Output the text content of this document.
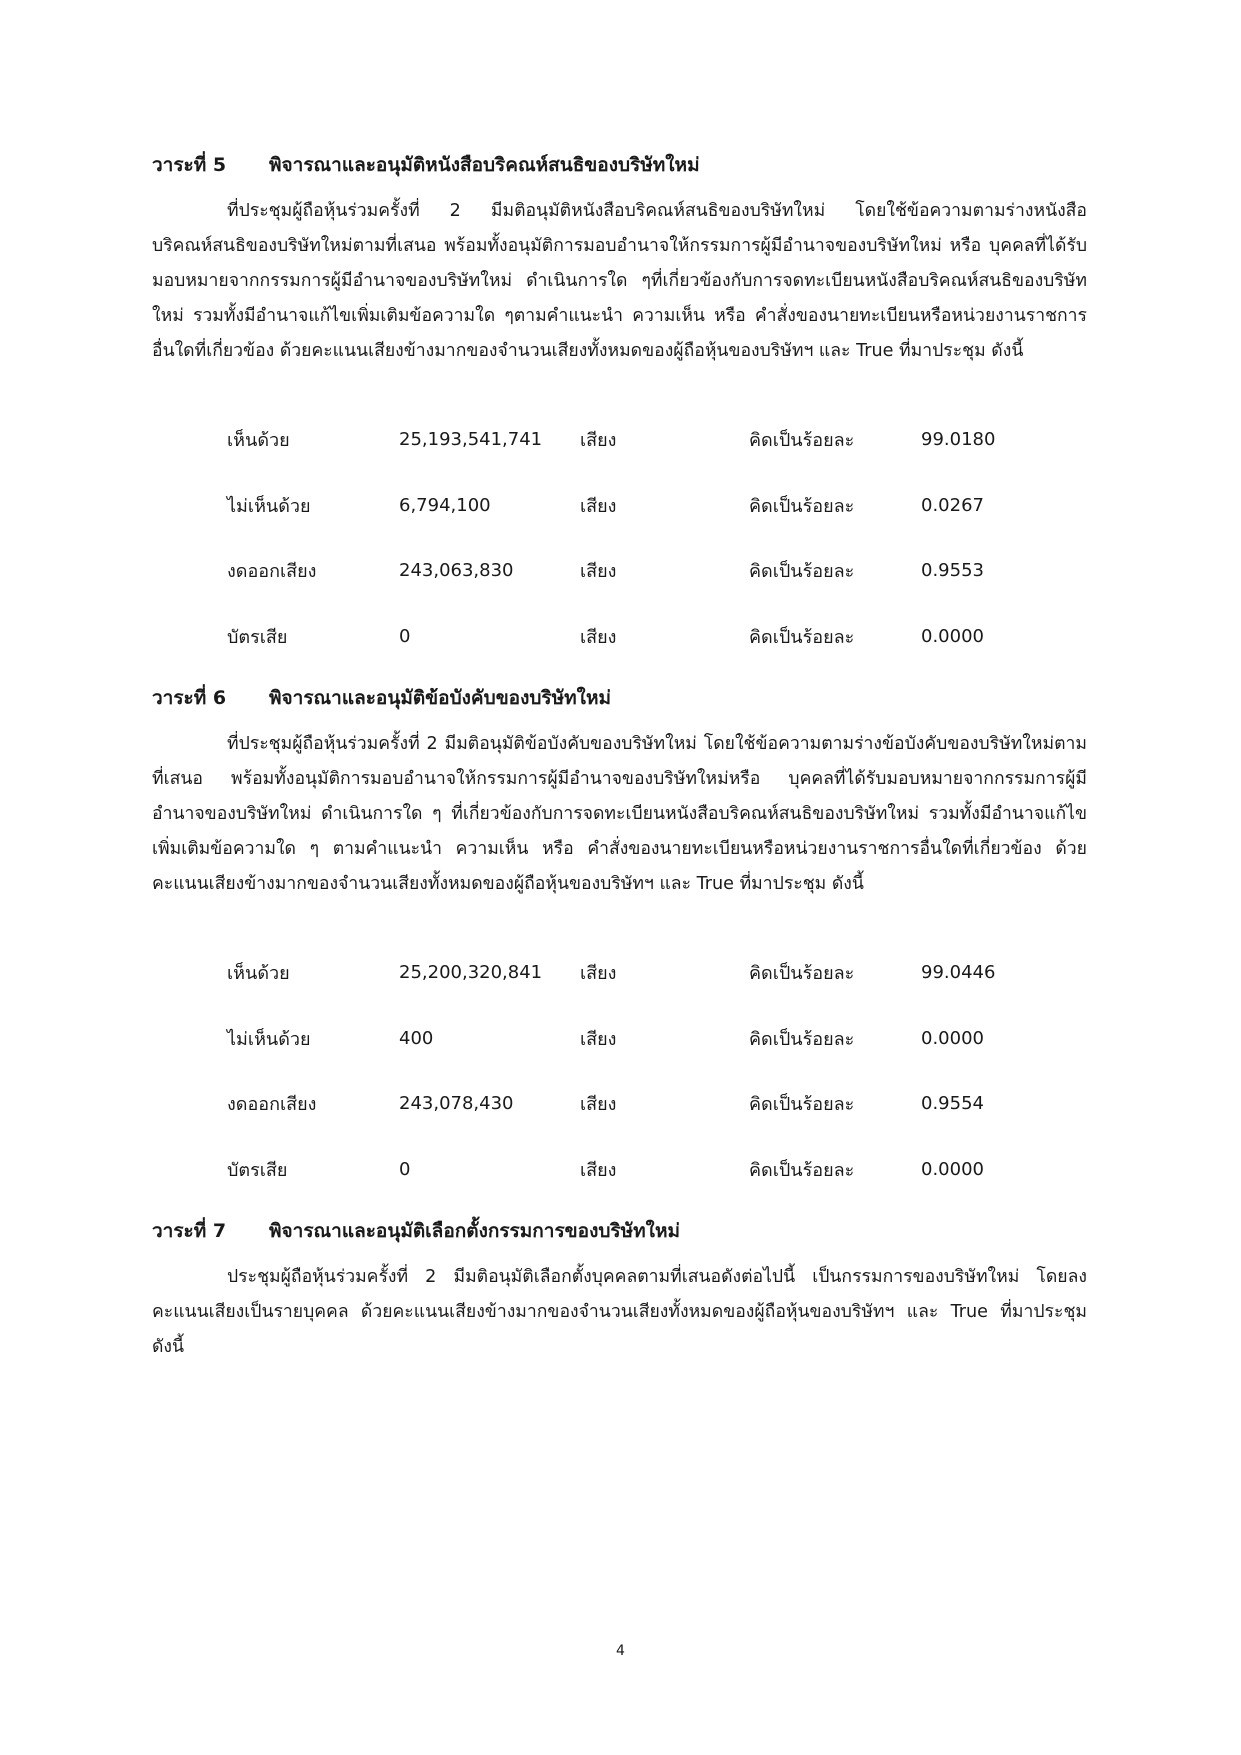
วาระที่ 5	พิจารณาและอนุมัติหนังสือบริคณห์สนธิของบริษัทใหม่

ที่ประชุมผู้ถือหุ้นร่วมครั้งที่ 2 มีมติอนุมัติหนังสือบริคณห์สนธิของบริษัทใหม่ โดยใช้ข้อความตามร่างหนังสือบริคณห์สนธิของบริษัทใหม่ตามที่เสนอ พร้อมทั้งอนุมัติการมอบอำนาจให้กรรมการผู้มีอำนาจของบริษัทใหม่ หรือ บุคคลที่ได้รับมอบหมายจากกรรมการผู้มีอำนาจของบริษัทใหม่ ดำเนินการใด ๆที่เกี่ยวข้องกับการจดทะเบียนหนังสือบริคณห์สนธิของบริษัทใหม่ รวมทั้งมีอำนาจแก้ไขเพิ่มเติมข้อความใด ๆตามคำแนะนำ ความเห็น หรือ คำสั่งของนายทะเบียนหรือหน่วยงานราชการอื่นใดที่เกี่ยวข้อง ด้วยคะแนนเสียงข้างมากของจำนวนเสียงทั้งหมดของผู้ถือหุ้นของบริษัทฯ และ True ที่มาประชุม ดังนี้

เห็นด้วย	25,193,541,741	เสียง	คิดเป็นร้อยละ	99.0180
ไม่เห็นด้วย	6,794,100	เสียง	คิดเป็นร้อยละ	0.0267
งดออกเสียง	243,063,830	เสียง	คิดเป็นร้อยละ	0.9553
บัตรเสีย	0	เสียง	คิดเป็นร้อยละ	0.0000
วาระที่ 6	พิจารณาและอนุมัติข้อบังคับของบริษัทใหม่

ที่ประชุมผู้ถือหุ้นร่วมครั้งที่ 2 มีมติอนุมัติข้อบังคับของบริษัทใหม่ โดยใช้ข้อความตามร่างข้อบังคับของบริษัทใหม่ตามที่เสนอ พร้อมทั้งอนุมัติการมอบอำนาจให้กรรมการผู้มีอำนาจของบริษัทใหม่หรือ บุคคลที่ได้รับมอบหมายจากกรรมการผู้มีอำนาจของบริษัทใหม่ ดำเนินการใด ๆ ที่เกี่ยวข้องกับการจดทะเบียนหนังสือบริคณห์สนธิของบริษัทใหม่ รวมทั้งมีอำนาจแก้ไขเพิ่มเติมข้อความใด ๆ ตามคำแนะนำ ความเห็น หรือ คำสั่งของนายทะเบียนหรือหน่วยงานราชการอื่นใดที่เกี่ยวข้อง ด้วยคะแนนเสียงข้างมากของจำนวนเสียงทั้งหมดของผู้ถือหุ้นของบริษัทฯ และ True ที่มาประชุม ดังนี้

เห็นด้วย	25,200,320,841	เสียง	คิดเป็นร้อยละ	99.0446
ไม่เห็นด้วย	400	เสียง	คิดเป็นร้อยละ	0.0000
งดออกเสียง	243,078,430	เสียง	คิดเป็นร้อยละ	0.9554
บัตรเสีย	0	เสียง	คิดเป็นร้อยละ	0.0000
วาระที่ 7	พิจารณาและอนุมัติเลือกตั้งกรรมการของบริษัทใหม่

ประชุมผู้ถือหุ้นร่วมครั้งที่ 2 มีมติอนุมัติเลือกตั้งบุคคลตามที่เสนอดังต่อไปนี้ เป็นกรรมการของบริษัทใหม่ โดยลงคะแนนเสียงเป็นรายบุคคล ด้วยคะแนนเสียงข้างมากของจำนวนเสียงทั้งหมดของผู้ถือหุ้นของบริษัทฯ และ True ที่มาประชุม ดังนี้

4
